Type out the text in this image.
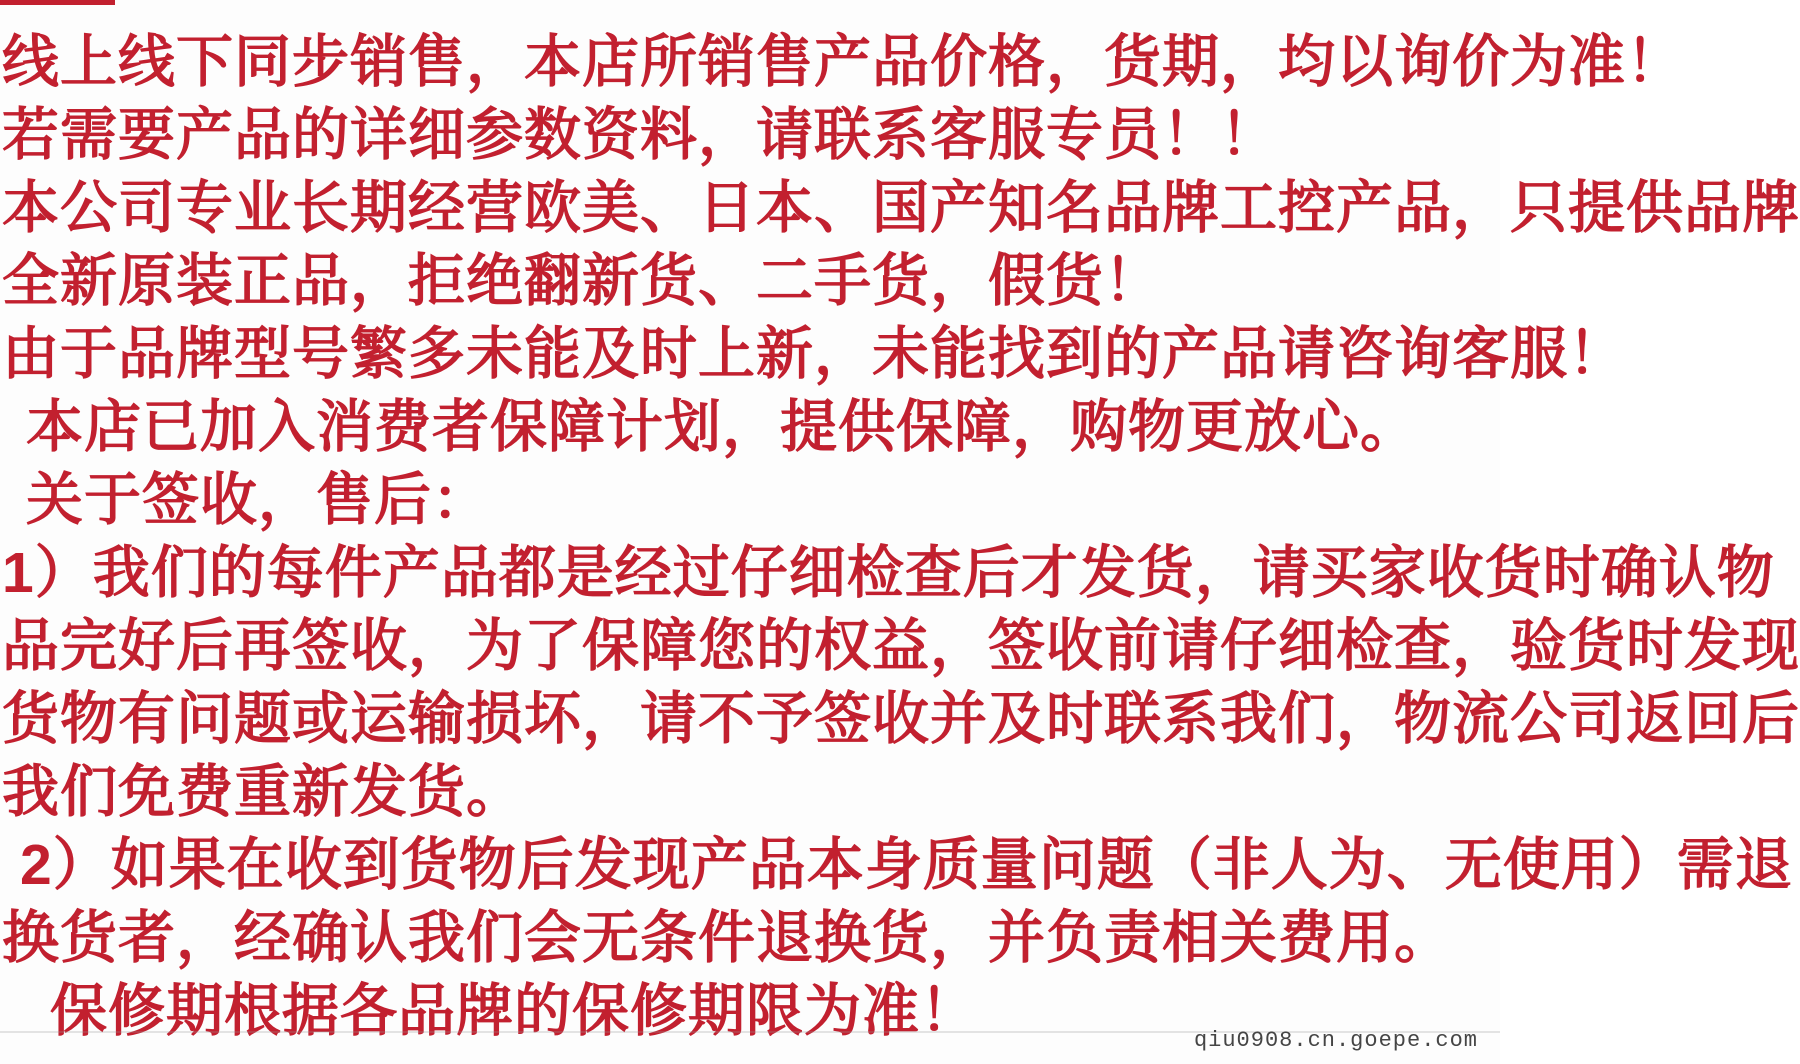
线上线下同步销售，本店所销售产品价格，货期，均以询价为准！
若需要产品的详细参数资料，请联系客服专员！！
本公司专业长期经营欧美、日本、国产知名品牌工控产品，只提供品牌
全新原装正品，拒绝翻新货、二手货，假货！
由于品牌型号繁多未能及时上新，未能找到的产品请咨询客服！
本店已加入消费者保障计划，提供保障，购物更放心。
关于签收，售后：
1）我们的每件产品都是经过仔细检查后才发货，请买家收货时确认物
品完好后再签收，为了保障您的权益，签收前请仔细检查，验货时发现
货物有问题或运输损坏，请不予签收并及时联系我们，物流公司返回后
我们免费重新发货。
2）如果在收到货物后发现产品本身质量问题（非人为、无使用）需退
换货者，经确认我们会无条件退换货，并负责相关费用。
保修期根据各品牌的保修期限为准！	qiu0908.cn.goepe.com
